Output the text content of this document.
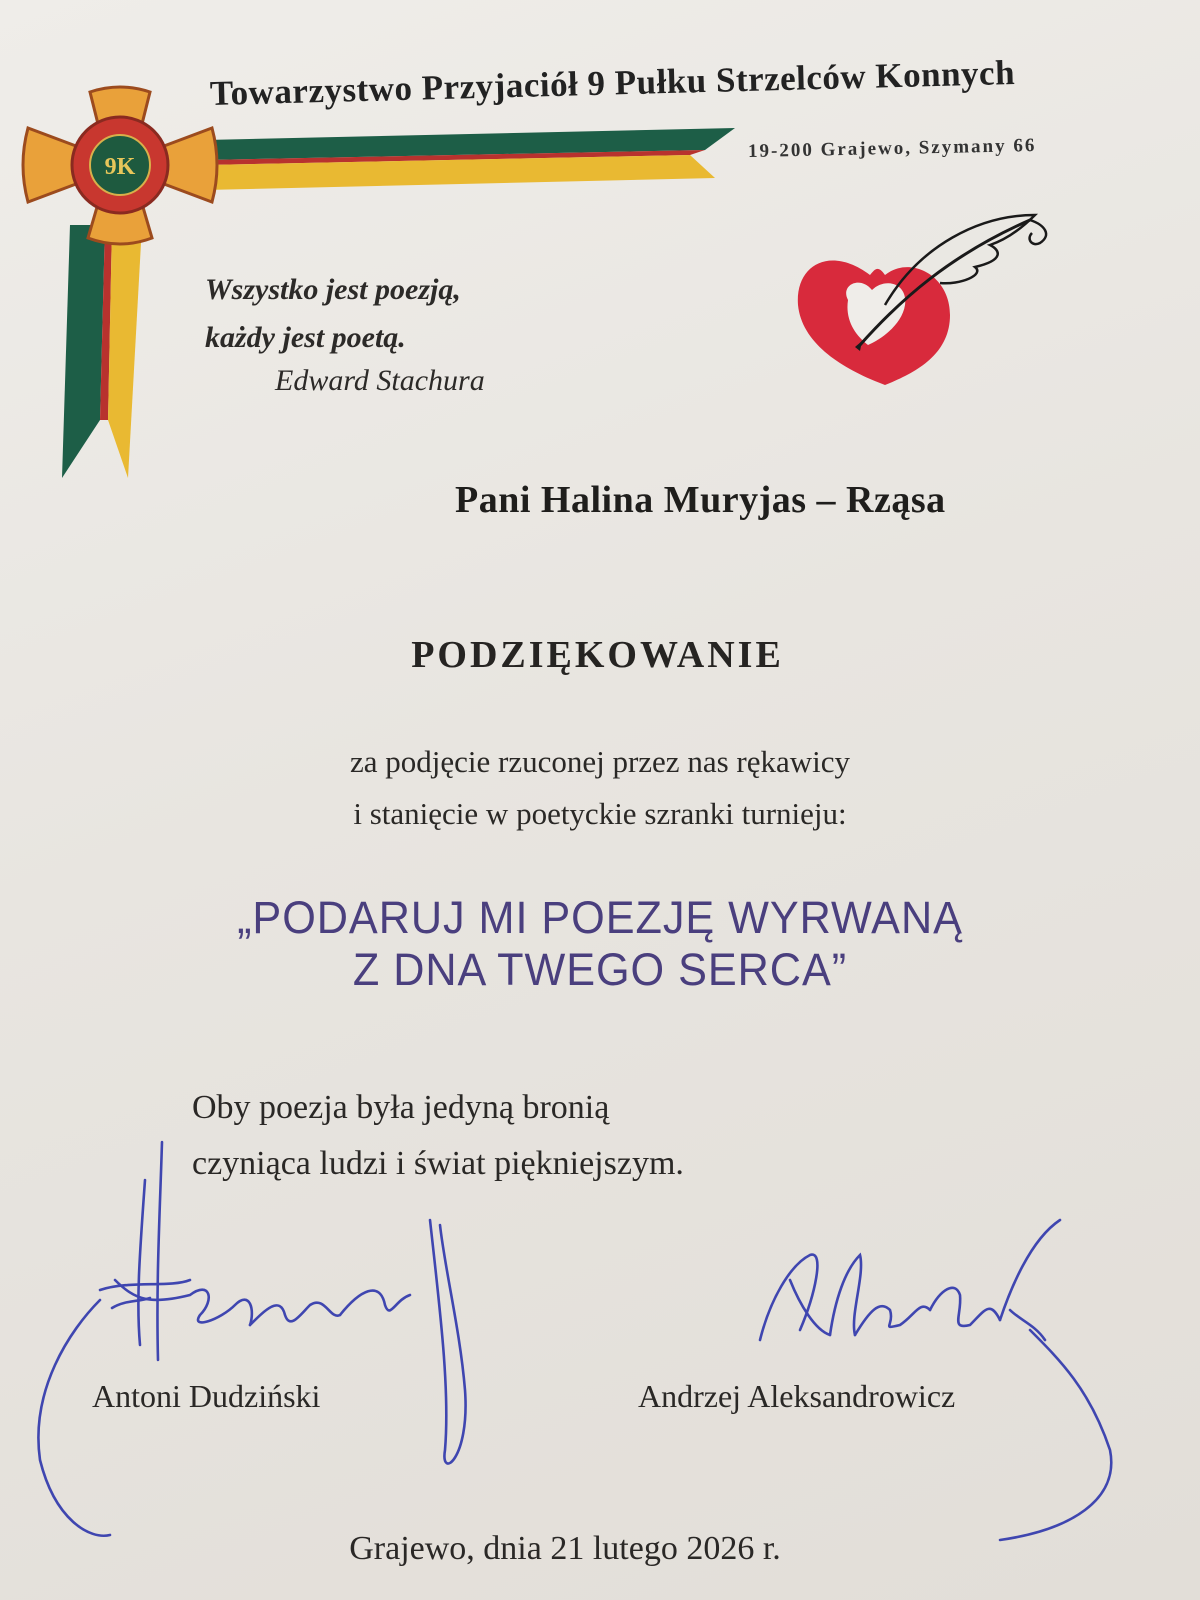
9K
Towarzystwo Przyjaciół 9 Pułku Strzelców Konnych
19-200 Grajewo, Szymany 66
Wszystko jest poezją,
każdy jest poetą.
Edward Stachura
Pani Halina Muryjas – Rząsa
PODZIĘKOWANIE
za podjęcie rzuconej przez nas rękawicy
i stanięcie w poetyckie szranki turnieju:
„PODARUJ MI POEZJĘ WYRWANĄ
Z DNA TWEGO SERCA”
Oby poezja była jedyną bronią
czyniąca ludzi i świat piękniejszym.
Antoni Dudziński	Andrzej Aleksandrowicz
Grajewo, dnia 21 lutego 2026 r.
